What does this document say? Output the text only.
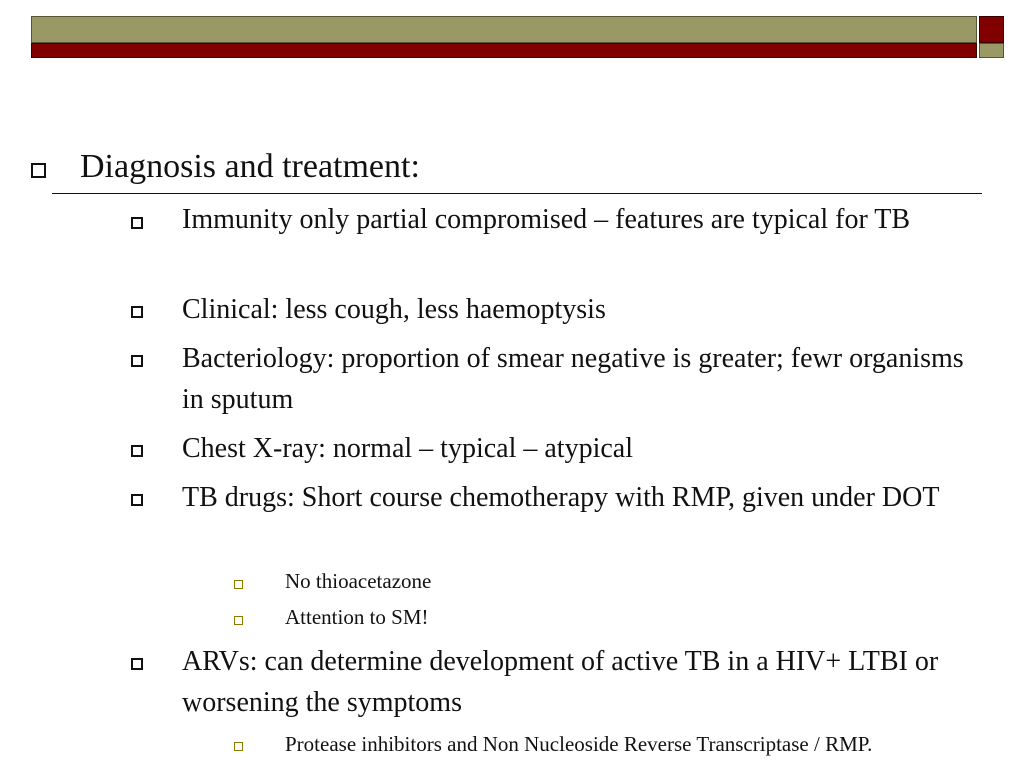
Diagnosis and treatment:
Immunity only partial compromised – features are typical for TB
Clinical: less cough, less haemoptysis
Bacteriology: proportion of smear negative is greater; fewr organisms in sputum
Chest X-ray: normal – typical – atypical
TB drugs: Short course chemotherapy with RMP, given under DOT
No thioacetazone
Attention to SM!
ARVs: can determine development of active TB in a HIV+ LTBI or worsening the symptoms
Protease inhibitors and Non Nucleoside Reverse Transcriptase / RMP.
